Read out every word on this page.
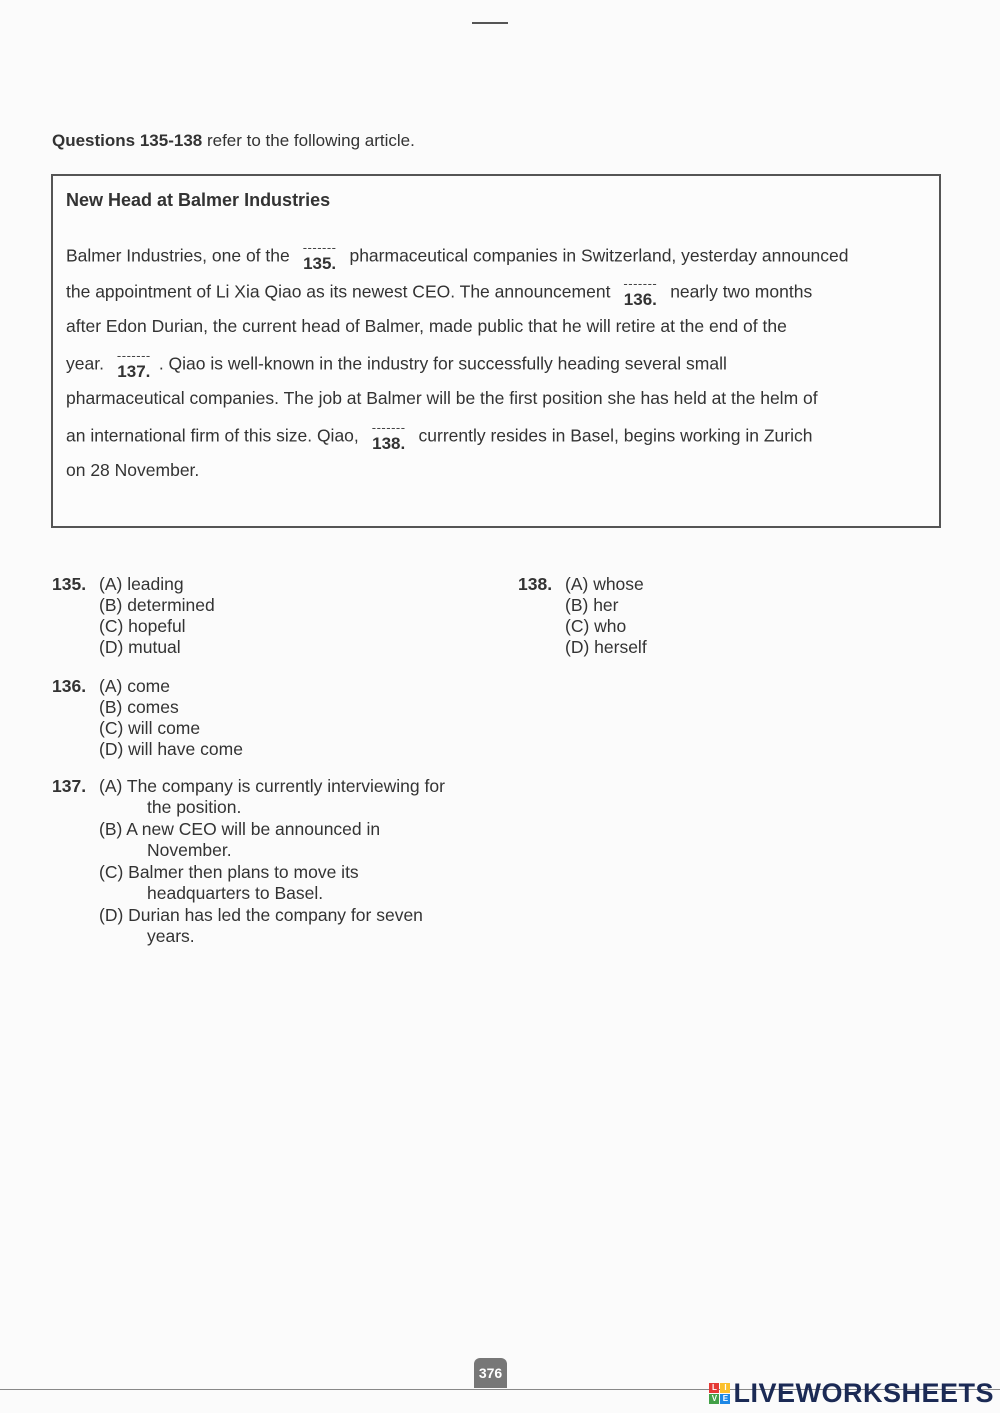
Questions 135-138 refer to the following article.
New Head at Balmer Industries
Balmer Industries, one of the -------
135. pharmaceutical companies in Switzerland, yesterday announced
the appointment of Li Xia Qiao as its newest CEO. The announcement -------
136. nearly two months
after Edon Durian, the current head of Balmer, made public that he will retire at the end of the
year. -------
137. . Qiao is well-known in the industry for successfully heading several small
pharmaceutical companies. The job at Balmer will be the first position she has held at the helm of
an international firm of this size. Qiao, -------
138. currently resides in Basel, begins working in Zurich
on 28 November.
135. (A) leading
(B) determined
(C) hopeful
(D) mutual
136. (A) come
(B) comes
(C) will come
(D) will have come
137. (A) The company is currently interviewing for
the position.
(B) A new CEO will be announced in
November.
(C) Balmer then plans to move its
headquarters to Basel.
(D) Durian has led the company for seven
years.
138. (A) whose
(B) her
(C) who
(D) herself
376
L I
V E LIVEWORKSHEETS
